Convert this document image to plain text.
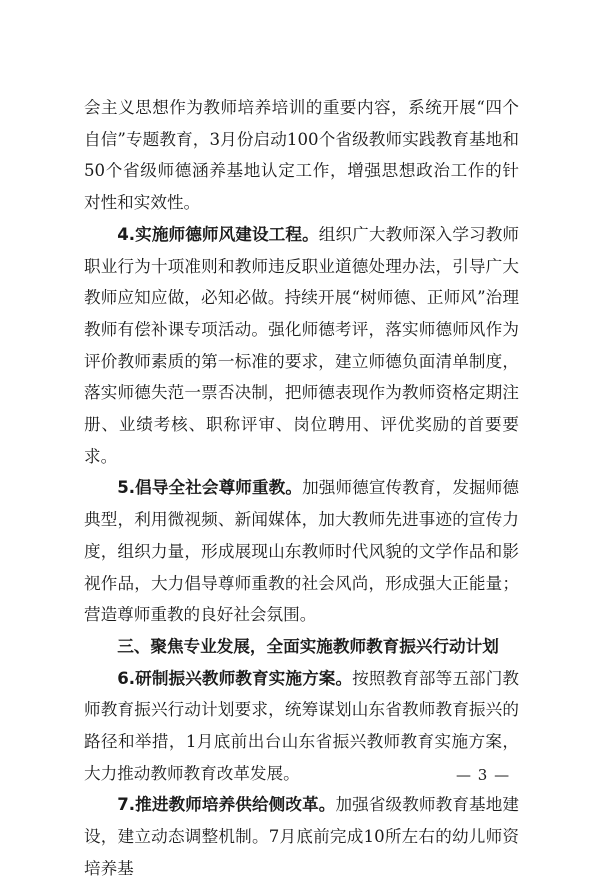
会主义思想作为教师培养培训的重要内容，系统开展“四个自信”专题教育，3月份启动100个省级教师实践教育基地和50个省级师德涵养基地认定工作，增强思想政治工作的针对性和实效性。

4.实施师德师风建设工程。组织广大教师深入学习教师职业行为十项准则和教师违反职业道德处理办法，引导广大教师应知应做，必知必做。持续开展“树师德、正师风”治理教师有偿补课专项活动。强化师德考评，落实师德师风作为评价教师素质的第一标准的要求，建立师德负面清单制度，落实师德失范一票否决制，把师德表现作为教师资格定期注册、业绩考核、职称评审、岗位聘用、评优奖励的首要要求。

5.倡导全社会尊师重教。加强师德宣传教育，发掘师德典型，利用微视频、新闻媒体，加大教师先进事迹的宣传力度，组织力量，形成展现山东教师时代风貌的文学作品和影视作品，大力倡导尊师重教的社会风尚，形成强大正能量；营造尊师重教的良好社会氛围。

三、聚焦专业发展，全面实施教师教育振兴行动计划

6.研制振兴教师教育实施方案。按照教育部等五部门教师教育振兴行动计划要求，统筹谋划山东省教师教育振兴的路径和举措，1月底前出台山东省振兴教师教育实施方案，大力推动教师教育改革发展。

7.推进教师培养供给侧改革。加强省级教师教育基地建设，建立动态调整机制。7月底前完成10所左右的幼儿师资培养基

— 3 —
